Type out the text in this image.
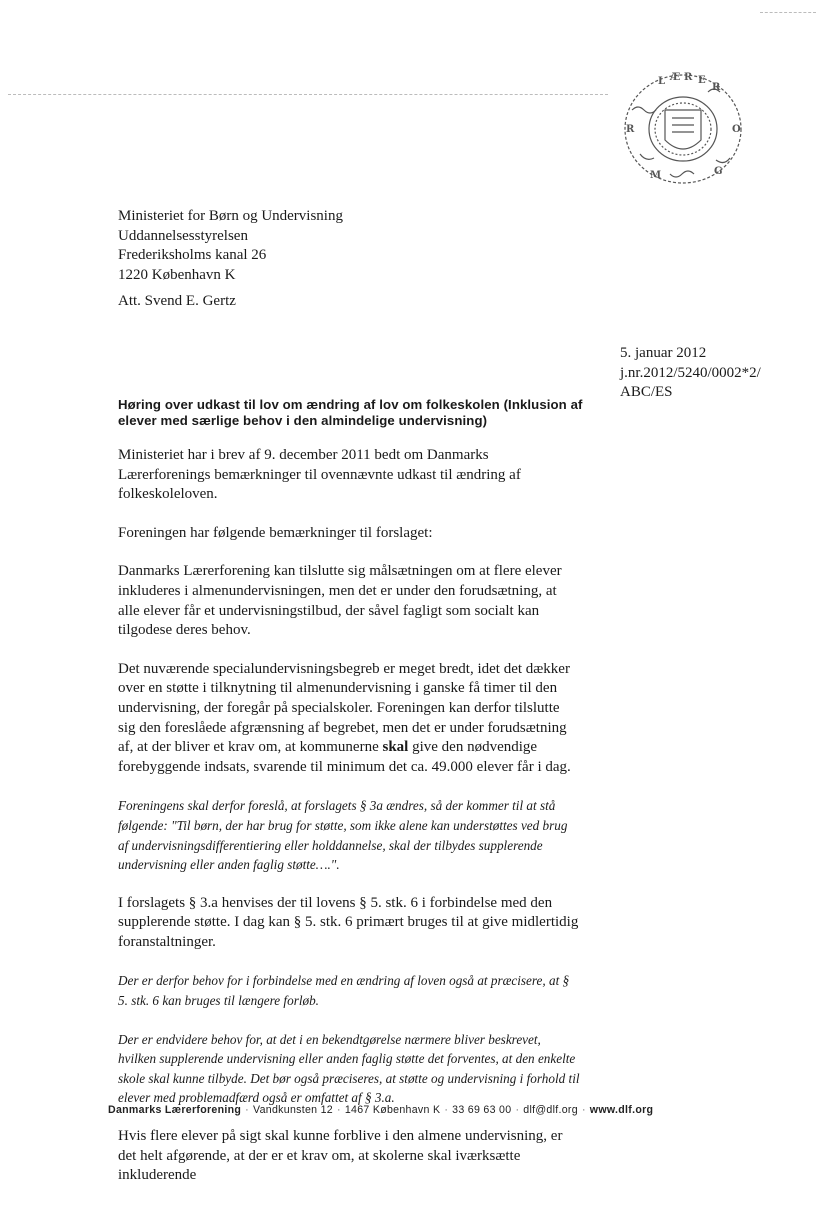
L Æ R E
R
R	O
M	G
Ministeriet for Børn og Undervisning
Uddannelsesstyrelsen
Frederiksholms kanal 26
1220 København K
Att. Svend E. Gertz
5. januar 2012
j.nr.2012/5240/0002*2/
ABC/ES
Høring over udkast til lov om ændring af lov om folkeskolen (Inklusion af elever med særlige behov i den almindelige undervisning)

Ministeriet har i brev af 9. december 2011 bedt om Danmarks Lærerforenings bemærkninger til ovennævnte udkast til ændring af folkeskoleloven.

Foreningen har følgende bemærkninger til forslaget:

Danmarks Lærerforening kan tilslutte sig målsætningen om at flere elever inkluderes i almenundervisningen, men det er under den forudsætning, at alle elever får et undervisningstilbud, der såvel fagligt som socialt kan tilgodese deres behov.

Det nuværende specialundervisningsbegreb er meget bredt, idet det dækker over en støtte i tilknytning til almenundervisning i ganske få timer til den undervisning, der foregår på specialskoler. Foreningen kan derfor tilslutte sig den foreslåede afgrænsning af begrebet, men det er under forudsætning af, at der bliver et krav om, at kommunerne skal give den nødvendige forebyggende indsats, svarende til minimum det ca. 49.000 elever får i dag.

Foreningens skal derfor foreslå, at forslagets § 3a ændres, så der kommer til at stå følgende: "Til børn, der har brug for støtte, som ikke alene kan understøttes ved brug af undervisningsdifferentiering eller holddannelse, skal der tilbydes supplerende undervisning eller anden faglig støtte….".

I forslagets § 3.a henvises der til lovens § 5. stk. 6 i forbindelse med den supplerende støtte. I dag kan § 5. stk. 6 primært bruges til at give midlertidig foranstaltninger.

Der er derfor behov for i forbindelse med en ændring af loven også at præcisere, at § 5. stk. 6 kan bruges til længere forløb.

Der er endvidere behov for, at det i en bekendtgørelse nærmere bliver beskrevet, hvilken supplerende undervisning eller anden faglig støtte det forventes, at den enkelte skole skal kunne tilbyde. Det bør også præciseres, at støtte og undervisning i forhold til elever med problemadfærd også er omfattet af § 3.a.

Hvis flere elever på sigt skal kunne forblive i den almene undervisning, er det helt afgørende, at der er et krav om, at skolerne skal iværksætte inkluderende

Danmarks Lærerforening · Vandkunsten 12 · 1467 København K · 33 69 63 00 · dlf@dlf.org · www.dlf.org
